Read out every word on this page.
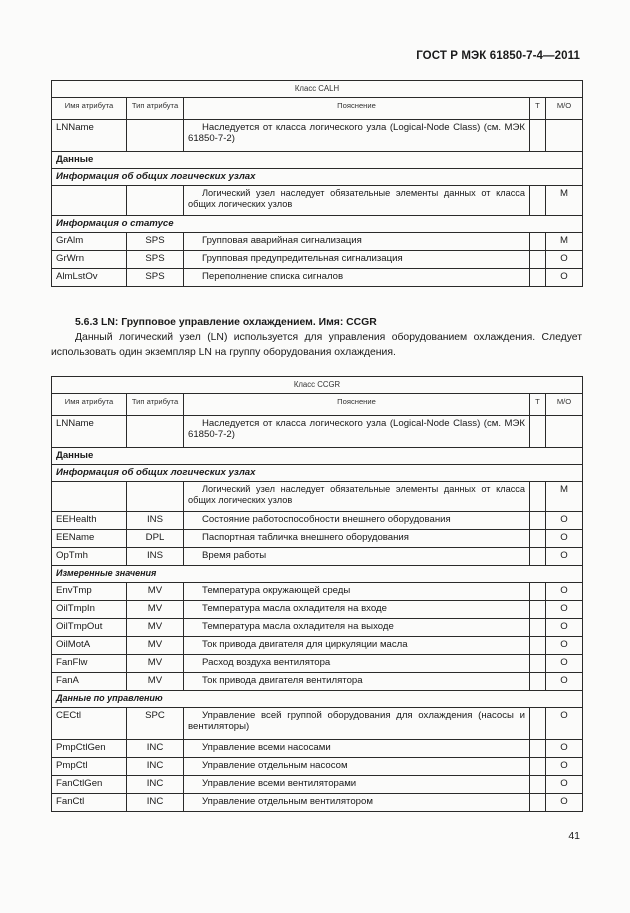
ГОСТ Р МЭК 61850-7-4—2011
Класс CALH				
Имя атрибута	Тип атрибута	Пояснение	Т	М/О
LNName		Наследуется от класса логического узла (Logical-Node Class) (см. МЭК 61850-7-2)		
Данные				
Информация об общих логических узлах				
		Логический узел наследует обязательные элементы данных от класса общих логических узлов		M
Информация о статусе				
GrAlm	SPS	Групповая аварийная сигнализация		M
GrWrn	SPS	Групповая предупредительная сигнализация		O
AlmLstOv	SPS	Переполнение списка сигналов		O
5.6.3 LN: Групповое управление охлаждением. Имя: CCGR
Данный логический узел (LN) используется для управления оборудованием охлаждения. Следует использовать один экземпляр LN на группу оборудования охлаждения.
Класс CCGR				
Имя атрибута	Тип атрибута	Пояснение	Т	М/О
LNName		Наследуется от класса логического узла (Logical-Node Class) (см. МЭК 61850-7-2)		
Данные				
Информация об общих логических узлах				
		Логический узел наследует обязательные элементы данных от класса общих логических узлов		M
EEHealth	INS	Состояние работоспособности внешнего оборудования		O
EEName	DPL	Паспортная табличка внешнего оборудования		O
OpTmh	INS	Время работы		O
Измеренные значения				
EnvTmp	MV	Температура окружающей среды		O
OilTmpIn	MV	Температура масла охладителя на входе		O
OilTmpOut	MV	Температура масла охладителя на выходе		O
OilMotA	MV	Ток привода двигателя для циркуляции масла		O
FanFlw	MV	Расход воздуха вентилятора		O
FanA	MV	Ток привода двигателя вентилятора		O
Данные по управлению				
CECtl	SPC	Управление всей группой оборудования для охлаждения (насосы и вентиляторы)		O
PmpCtlGen	INC	Управление всеми насосами		O
PmpCtl	INC	Управление отдельным насосом		O
FanCtlGen	INC	Управление всеми вентиляторами		O
FanCtl	INC	Управление отдельным вентилятором		O
41
